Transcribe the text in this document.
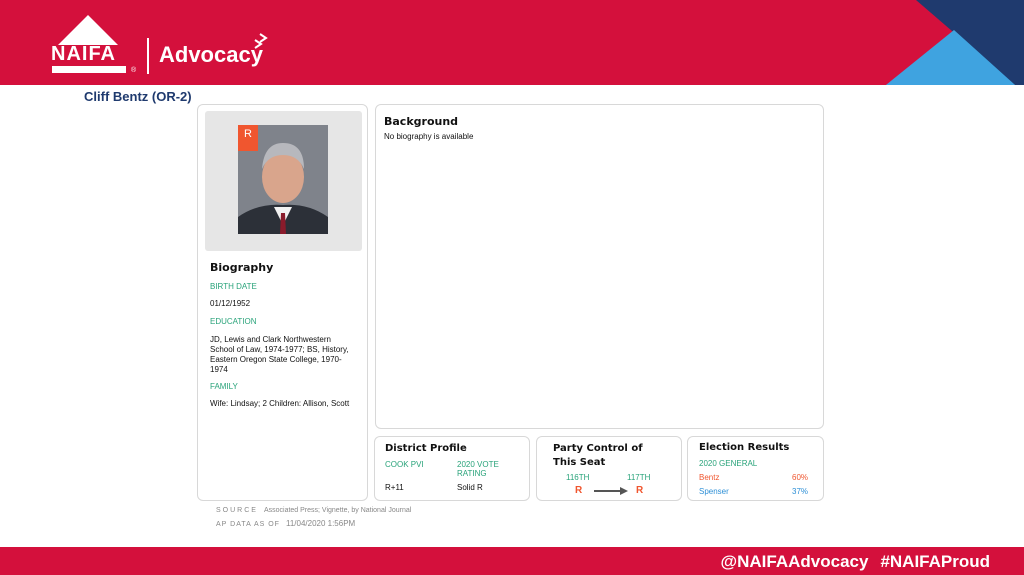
NAIFA
®
Advocacy
Cliff Bentz (OR-2)
R
Biography
BIRTH DATE
01/12/1952
EDUCATION
JD, Lewis and Clark Northwestern School of Law, 1974-1977; BS, History, Eastern Oregon State College, 1970-1974
FAMILY
Wife: Lindsay; 2 Children: Allison, Scott
Background
No biography is available
District Profile
COOK PVI	2020 VOTE RATING
R+11	Solid R
Party Control of
This Seat
116TH	117TH
R	R
Election Results
2020 GENERAL
Bentz	60%
Spenser	37%
SOURCE Associated Press; Vignette, by National Journal
AP DATA AS OF 11/04/2020 1:56PM
@NAIFAAdvocacy #NAIFAProud
